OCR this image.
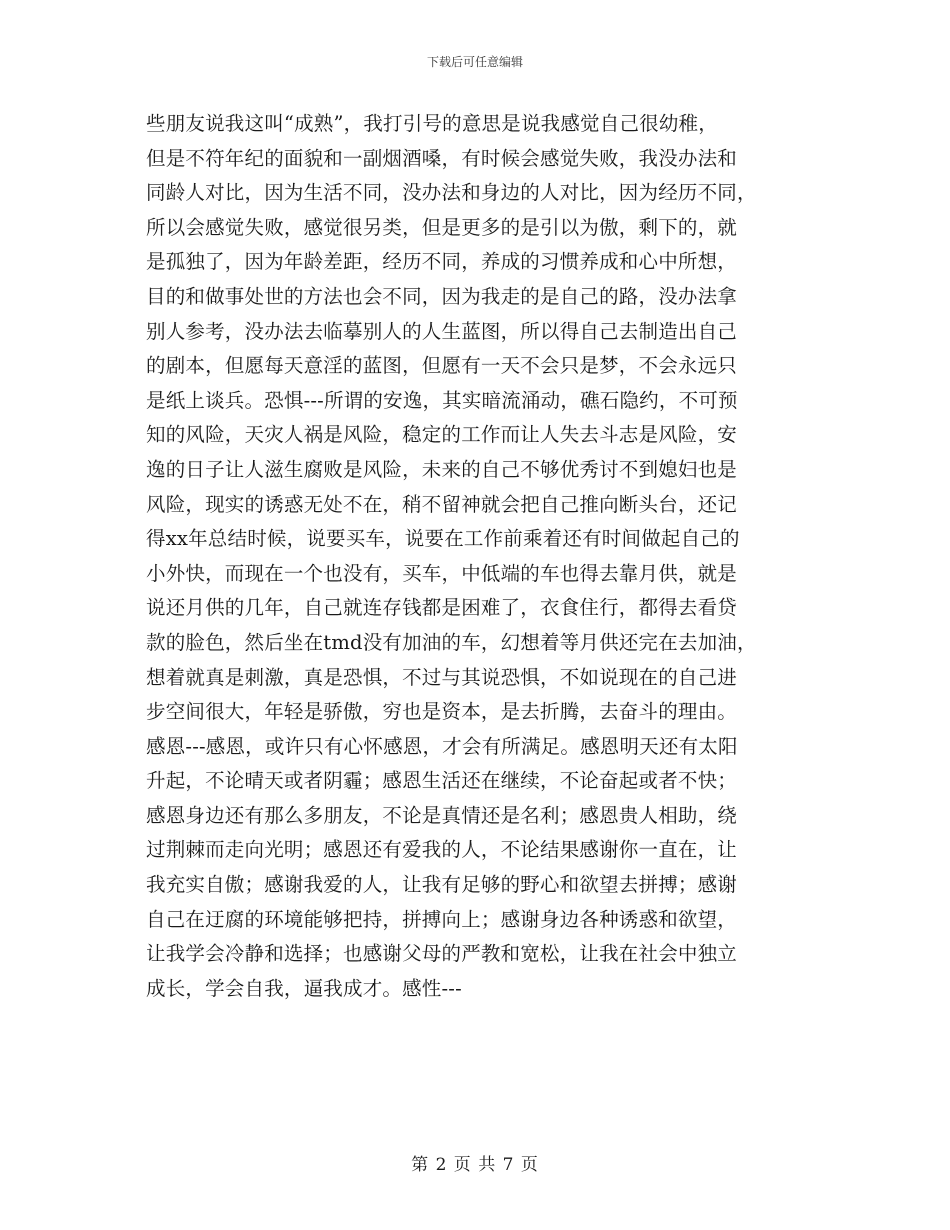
下载后可任意编辑
些朋友说我这叫“成熟”，我打引号的意思是说我感觉自己很幼稚，
但是不符年纪的面貌和一副烟酒嗓，有时候会感觉失败，我没办法和
同龄人对比，因为生活不同，没办法和身边的人对比，因为经历不同，
所以会感觉失败，感觉很另类，但是更多的是引以为傲，剩下的，就
是孤独了，因为年龄差距，经历不同，养成的习惯养成和心中所想，
目的和做事处世的方法也会不同，因为我走的是自己的路，没办法拿
别人参考，没办法去临摹别人的人生蓝图，所以得自己去制造出自己
的剧本，但愿每天意淫的蓝图，但愿有一天不会只是梦，不会永远只
是纸上谈兵。恐惧---所谓的安逸，其实暗流涌动，礁石隐约，不可预
知的风险，天灾人祸是风险，稳定的工作而让人失去斗志是风险，安
逸的日子让人滋生腐败是风险，未来的自己不够优秀讨不到媳妇也是
风险，现实的诱惑无处不在，稍不留神就会把自己推向断头台，还记
得xx年总结时候，说要买车，说要在工作前乘着还有时间做起自己的
小外快，而现在一个也没有，买车，中低端的车也得去靠月供，就是
说还月供的几年，自己就连存钱都是困难了，衣食住行，都得去看贷
款的脸色，然后坐在tmd没有加油的车，幻想着等月供还完在去加油，
想着就真是刺激，真是恐惧，不过与其说恐惧，不如说现在的自己进
步空间很大，年轻是骄傲，穷也是资本，是去折腾，去奋斗的理由。
感恩---感恩，或许只有心怀感恩，才会有所满足。感恩明天还有太阳
升起，不论晴天或者阴霾；感恩生活还在继续，不论奋起或者不快；
感恩身边还有那么多朋友，不论是真情还是名利；感恩贵人相助，绕
过荆棘而走向光明；感恩还有爱我的人，不论结果感谢你一直在，让
我充实自傲；感谢我爱的人，让我有足够的野心和欲望去拼搏；感谢
自己在迂腐的环境能够把持，拼搏向上；感谢身边各种诱惑和欲望，
让我学会冷静和选择；也感谢父母的严教和宽松，让我在社会中独立
成长，学会自我，逼我成才。感性---
第 2 页 共 7 页
